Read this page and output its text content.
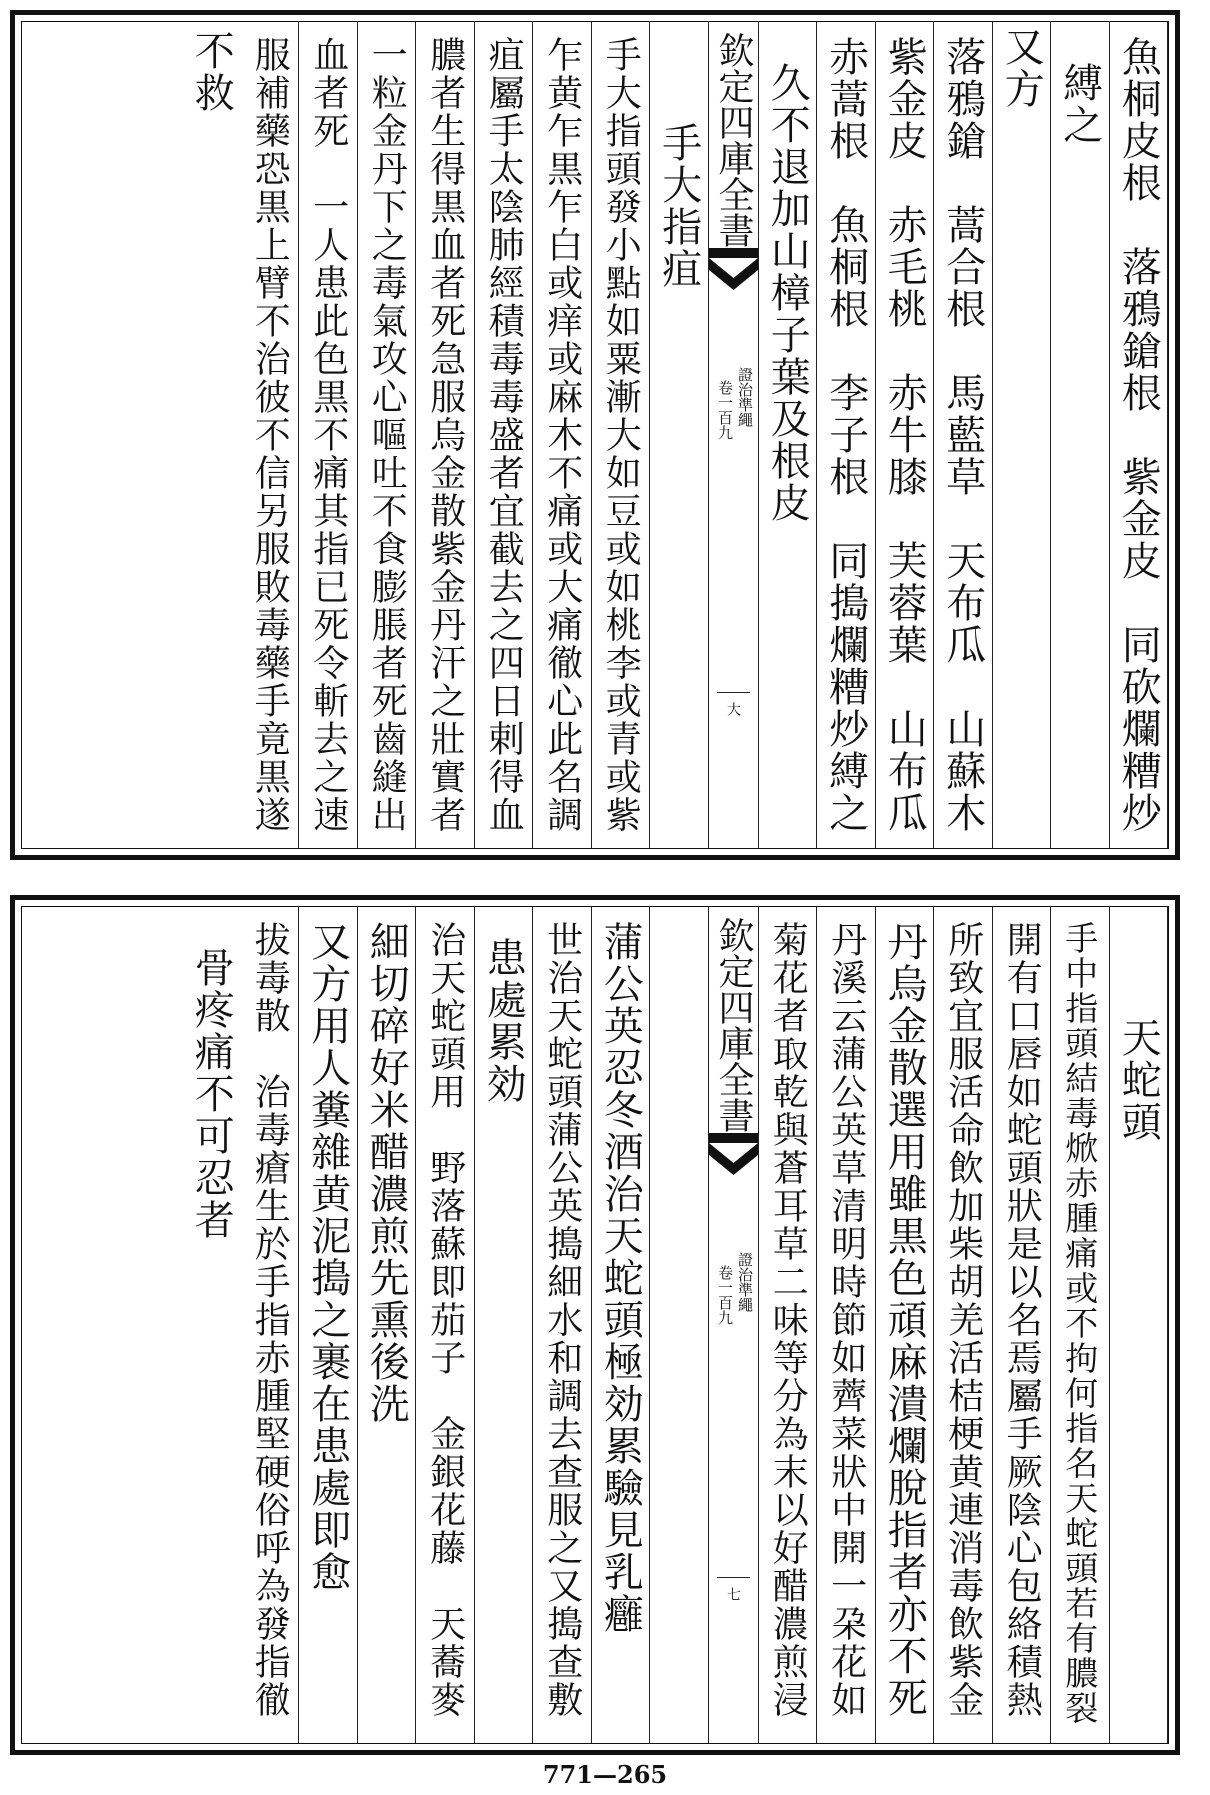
魚桐皮根　落鴉鎗根　紫金皮　同砍爛糟炒
縛之
又方
落鴉鎗　蒿合根　馬藍草　天布瓜　山蘇木
紫金皮　赤毛桃　赤牛膝　芙蓉葉　山布瓜
赤蒿根　魚桐根　李子根　同搗爛糟炒縛之
久不退加山樟子葉及根皮
欽定四庫全書
證治準繩
卷一百九
大
手大指疽
手大指頭發小點如粟漸大如豆或如桃李或青或紫
乍黄乍黒乍白或痒或麻木不痛或大痛徹心此名調
疽屬手太陰肺經積毒毒盛者宜截去之四日剌得血
膿者生得黒血者死急服烏金散紫金丹汗之壯實者
一粒金丹下之毒氣攻心嘔吐不食膨脹者死齒縫出
血者死　一人患此色黒不痛其指已死令斬去之速
服補藥恐黒上臂不治彼不信另服敗毒藥手竟黒遂
不救
天蛇頭
手中指頭結毒焮赤腫痛或不拘何指名天蛇頭若有膿裂
開有口唇如蛇頭狀是以名焉屬手厥陰心包絡積熱
所致宜服活命飲加柴胡羌活桔梗黄連消毒飲紫金
丹烏金散選用雖黒色頑麻潰爛脫指者亦不死
丹溪云蒲公英草清明時節如薺菜狀中開一朶花如
菊花者取乾與蒼耳草二味等分為末以好醋濃煎浸
欽定四庫全書
證治準繩
卷一百九
七
蒲公英忍冬酒治天蛇頭極効累驗見乳癰
世治天蛇頭蒲公英搗細水和調去查服之又搗查敷
患處累効
治天蛇頭用　野落蘇即茄子　金銀花藤　天蕎麥
細切碎好米醋濃煎先熏後洗
又方用人糞雜黄泥搗之裹在患處即愈
拔毒散　治毒瘡生於手指赤腫堅硬俗呼為發指徹
骨疼痛不可忍者
771—265
